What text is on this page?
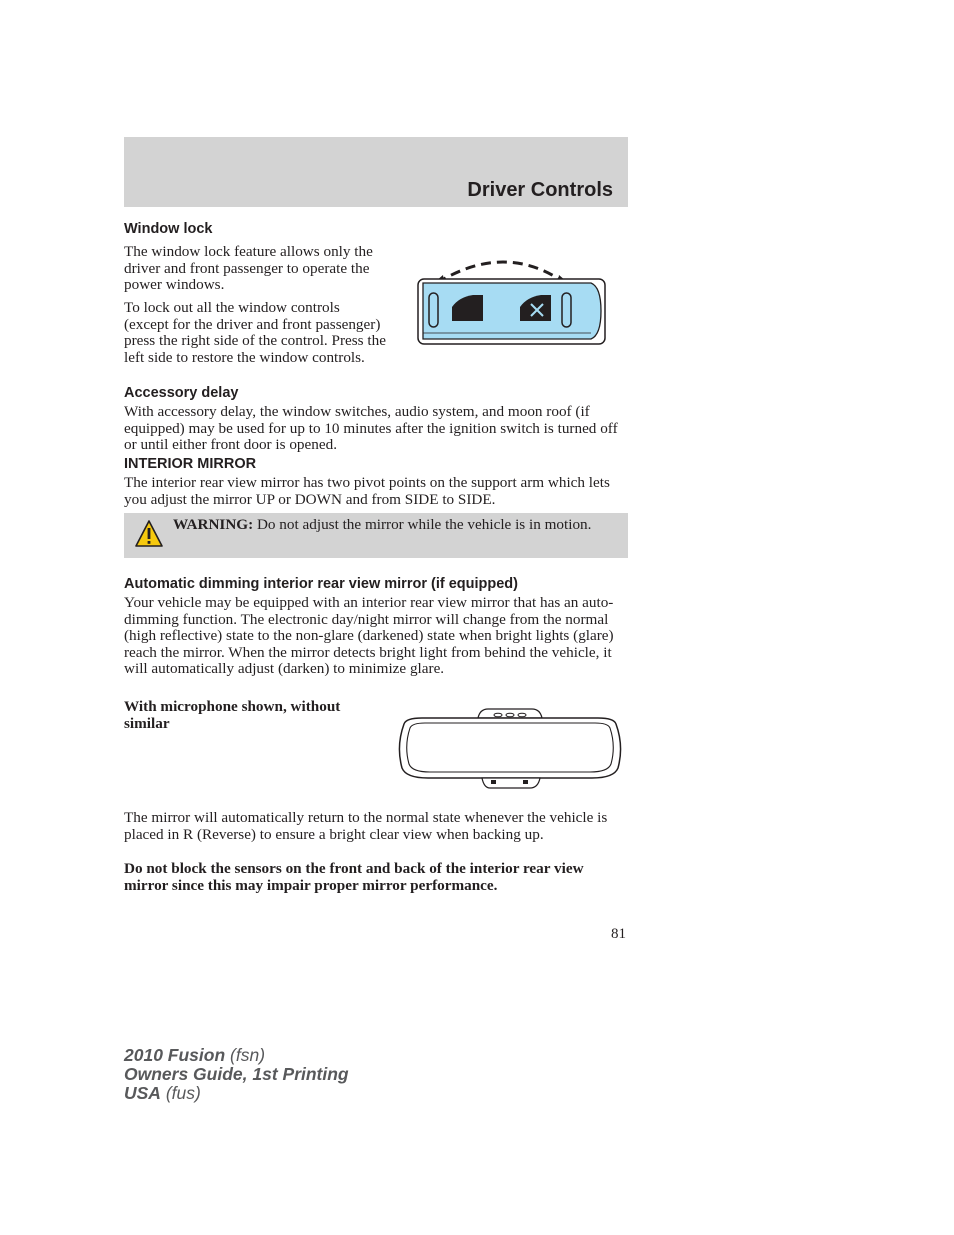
Driver Controls
Window lock
The window lock feature allows only the driver and front passenger to operate the power windows.
To lock out all the window controls (except for the driver and front passenger) press the right side of the control. Press the left side to restore the window controls.
Accessory delay
With accessory delay, the window switches, audio system, and moon roof (if equipped) may be used for up to 10 minutes after the ignition switch is turned off or until either front door is opened.
INTERIOR MIRROR
The interior rear view mirror has two pivot points on the support arm which lets you adjust the mirror UP or DOWN and from SIDE to SIDE.
WARNING: Do not adjust the mirror while the vehicle is in motion.
Automatic dimming interior rear view mirror (if equipped)
Your vehicle may be equipped with an interior rear view mirror that has an auto-dimming function. The electronic day/night mirror will change from the normal (high reflective) state to the non-glare (darkened) state when bright lights (glare) reach the mirror. When the mirror detects bright light from behind the vehicle, it will automatically adjust (darken) to minimize glare.
With microphone shown, without similar
The mirror will automatically return to the normal state whenever the vehicle is placed in R (Reverse) to ensure a bright clear view when backing up.
Do not block the sensors on the front and back of the interior rear view mirror since this may impair proper mirror performance.
81
2010 Fusion (fsn)
Owners Guide, 1st Printing
USA (fus)
